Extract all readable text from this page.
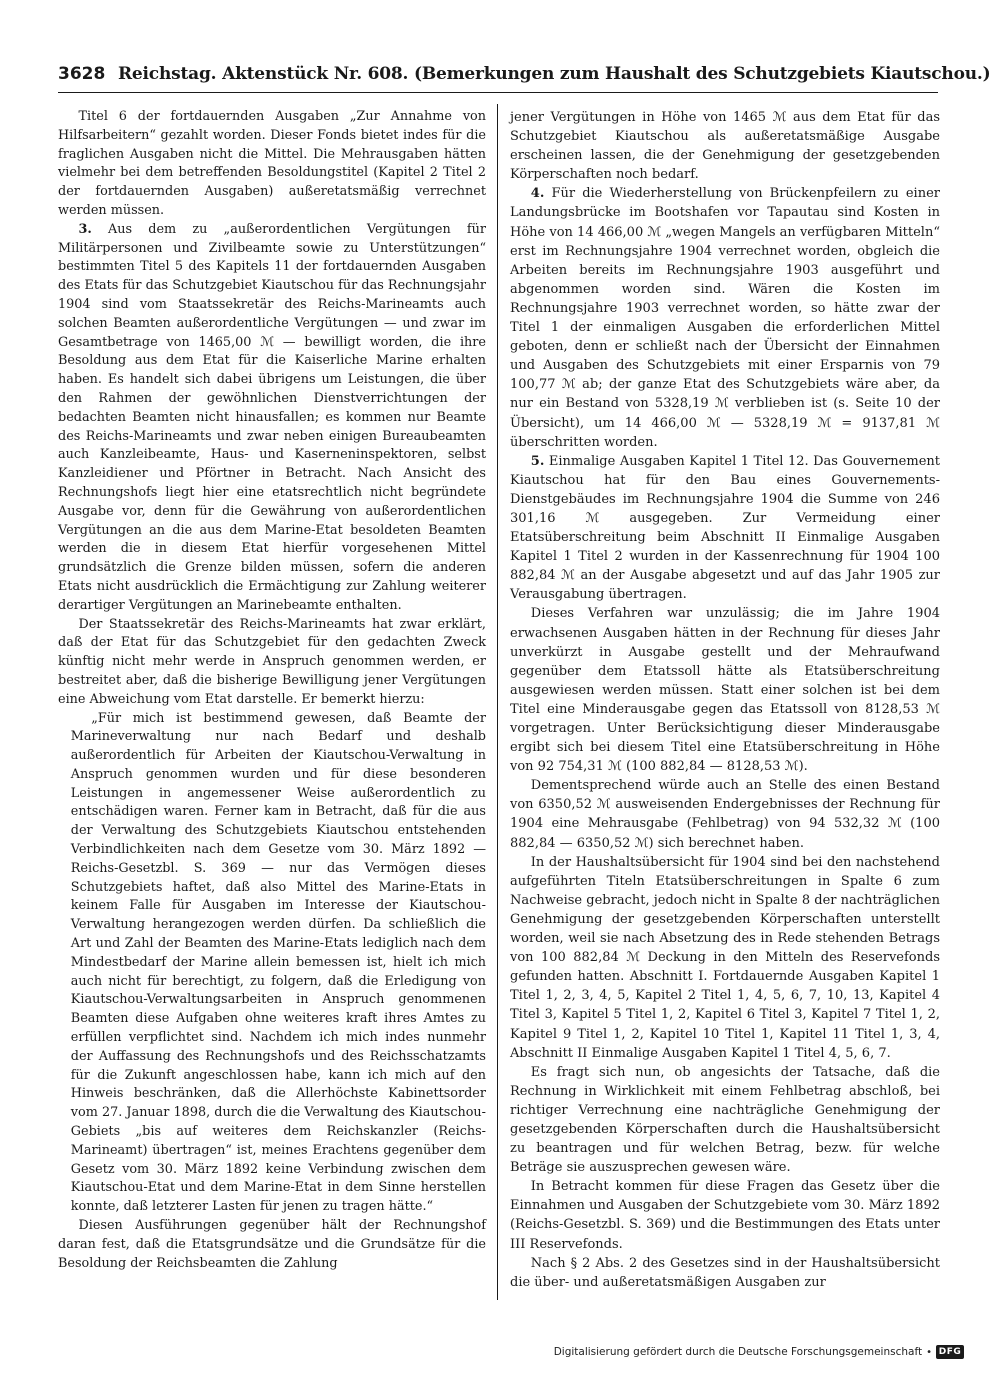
3628 Reichstag. Aktenstück Nr. 608. (Bemerkungen zum Haushalt des Schutzgebiets Kiautschou.)

Titel 6 der fortdauernden Ausgaben „Zur Annahme von Hilfsarbeitern“ gezahlt worden. Dieser Fonds bietet indes für die fraglichen Ausgaben nicht die Mittel. Die Mehrausgaben hätten vielmehr bei dem betreffenden Besoldungstitel (Kapitel 2 Titel 2 der fortdauernden Ausgaben) außeretatsmäßig verrechnet werden müssen.

3. Aus dem zu „außerordentlichen Vergütungen für Militärpersonen und Zivilbeamte sowie zu Unterstützungen“ bestimmten Titel 5 des Kapitels 11 der fortdauernden Ausgaben des Etats für das Schutzgebiet Kiautschou für das Rechnungsjahr 1904 sind vom Staatssekretär des Reichs-Marineamts auch solchen Beamten außerordentliche Vergütungen — und zwar im Gesamtbetrage von 1465,00 ℳ — bewilligt worden, die ihre Besoldung aus dem Etat für die Kaiserliche Marine erhalten haben. Es handelt sich dabei übrigens um Leistungen, die über den Rahmen der gewöhnlichen Dienstverrichtungen der bedachten Beamten nicht hinausfallen; es kommen nur Beamte des Reichs-Marineamts und zwar neben einigen Bureaubeamten auch Kanzleibeamte, Haus- und Kaserneninspektoren, selbst Kanzleidiener und Pförtner in Betracht. Nach Ansicht des Rechnungshofs liegt hier eine etatsrechtlich nicht begründete Ausgabe vor, denn für die Gewährung von außerordentlichen Vergütungen an die aus dem Marine-Etat besoldeten Beamten werden die in diesem Etat hierfür vorgesehenen Mittel grundsätzlich die Grenze bilden müssen, sofern die anderen Etats nicht ausdrücklich die Ermächtigung zur Zahlung weiterer derartiger Vergütungen an Marinebeamte enthalten.

Der Staatssekretär des Reichs-Marineamts hat zwar erklärt, daß der Etat für das Schutzgebiet für den gedachten Zweck künftig nicht mehr werde in Anspruch genommen werden, er bestreitet aber, daß die bisherige Bewilligung jener Vergütungen eine Abweichung vom Etat darstelle. Er bemerkt hierzu:

„Für mich ist bestimmend gewesen, daß Beamte der Marineverwaltung nur nach Bedarf und deshalb außerordentlich für Arbeiten der Kiautschou-Verwaltung in Anspruch genommen wurden und für diese besonderen Leistungen in angemessener Weise außerordentlich zu entschädigen waren. Ferner kam in Betracht, daß für die aus der Verwaltung des Schutzgebiets Kiautschou entstehenden Verbindlichkeiten nach dem Gesetze vom 30. März 1892 — Reichs-Gesetzbl. S. 369 — nur das Vermögen dieses Schutzgebiets haftet, daß also Mittel des Marine-Etats in keinem Falle für Ausgaben im Interesse der Kiautschou-Verwaltung herangezogen werden dürfen. Da schließlich die Art und Zahl der Beamten des Marine-Etats lediglich nach dem Mindestbedarf der Marine allein bemessen ist, hielt ich mich auch nicht für berechtigt, zu folgern, daß die Erledigung von Kiautschou-Verwaltungsarbeiten in Anspruch genommenen Beamten diese Aufgaben ohne weiteres kraft ihres Amtes zu erfüllen verpflichtet sind. Nachdem ich mich indes nunmehr der Auffassung des Rechnungshofs und des Reichsschatzamts für die Zukunft angeschlossen habe, kann ich mich auf den Hinweis beschränken, daß die Allerhöchste Kabinettsorder vom 27. Januar 1898, durch die die Verwaltung des Kiautschou-Gebiets „bis auf weiteres dem Reichskanzler (Reichs-Marineamt) übertragen“ ist, meines Erachtens gegenüber dem Gesetz vom 30. März 1892 keine Verbindung zwischen dem Kiautschou-Etat und dem Marine-Etat in dem Sinne herstellen konnte, daß letzterer Lasten für jenen zu tragen hätte.“

Diesen Ausführungen gegenüber hält der Rechnungshof daran fest, daß die Etatsgrundsätze und die Grundsätze für die Besoldung der Reichsbeamten die Zahlung

jener Vergütungen in Höhe von 1465 ℳ aus dem Etat für das Schutzgebiet Kiautschou als außeretatsmäßige Ausgabe erscheinen lassen, die der Genehmigung der gesetzgebenden Körperschaften noch bedarf.

4. Für die Wiederherstellung von Brückenpfeilern zu einer Landungsbrücke im Bootshafen vor Tapautau sind Kosten in Höhe von 14 466,00 ℳ „wegen Mangels an verfügbaren Mitteln“ erst im Rechnungsjahre 1904 verrechnet worden, obgleich die Arbeiten bereits im Rechnungsjahre 1903 ausgeführt und abgenommen worden sind. Wären die Kosten im Rechnungsjahre 1903 verrechnet worden, so hätte zwar der Titel 1 der einmaligen Ausgaben die erforderlichen Mittel geboten, denn er schließt nach der Übersicht der Einnahmen und Ausgaben des Schutzgebiets mit einer Ersparnis von 79 100,77 ℳ ab; der ganze Etat des Schutzgebiets wäre aber, da nur ein Bestand von 5328,19 ℳ verblieben ist (s. Seite 10 der Übersicht), um 14 466,00 ℳ — 5328,19 ℳ = 9137,81 ℳ überschritten worden.

5. Einmalige Ausgaben Kapitel 1 Titel 12. Das Gouvernement Kiautschou hat für den Bau eines Gouvernements-Dienstgebäudes im Rechnungsjahre 1904 die Summe von 246 301,16 ℳ ausgegeben. Zur Vermeidung einer Etatsüberschreitung beim Abschnitt II Einmalige Ausgaben Kapitel 1 Titel 2 wurden in der Kassenrechnung für 1904 100 882,84 ℳ an der Ausgabe abgesetzt und auf das Jahr 1905 zur Verausgabung übertragen.

Dieses Verfahren war unzulässig; die im Jahre 1904 erwachsenen Ausgaben hätten in der Rechnung für dieses Jahr unverkürzt in Ausgabe gestellt und der Mehraufwand gegenüber dem Etatssoll hätte als Etatsüberschreitung ausgewiesen werden müssen. Statt einer solchen ist bei dem Titel eine Minderausgabe gegen das Etatssoll von 8128,53 ℳ vorgetragen. Unter Berücksichtigung dieser Minderausgabe ergibt sich bei diesem Titel eine Etatsüberschreitung in Höhe von 92 754,31 ℳ (100 882,84 — 8128,53 ℳ).

Dementsprechend würde auch an Stelle des einen Bestand von 6350,52 ℳ ausweisenden Endergebnisses der Rechnung für 1904 eine Mehrausgabe (Fehlbetrag) von 94 532,32 ℳ (100 882,84 — 6350,52 ℳ) sich berechnet haben.

In der Haushaltsübersicht für 1904 sind bei den nachstehend aufgeführten Titeln Etatsüberschreitungen in Spalte 6 zum Nachweise gebracht, jedoch nicht in Spalte 8 der nachträglichen Genehmigung der gesetzgebenden Körperschaften unterstellt worden, weil sie nach Absetzung des in Rede stehenden Betrags von 100 882,84 ℳ Deckung in den Mitteln des Reservefonds gefunden hatten. Abschnitt I. Fortdauernde Ausgaben Kapitel 1 Titel 1, 2, 3, 4, 5, Kapitel 2 Titel 1, 4, 5, 6, 7, 10, 13, Kapitel 4 Titel 3, Kapitel 5 Titel 1, 2, Kapitel 6 Titel 3, Kapitel 7 Titel 1, 2, Kapitel 9 Titel 1, 2, Kapitel 10 Titel 1, Kapitel 11 Titel 1, 3, 4, Abschnitt II Einmalige Ausgaben Kapitel 1 Titel 4, 5, 6, 7.

Es fragt sich nun, ob angesichts der Tatsache, daß die Rechnung in Wirklichkeit mit einem Fehlbetrag abschloß, bei richtiger Verrechnung eine nachträgliche Genehmigung der gesetzgebenden Körperschaften durch die Haushaltsübersicht zu beantragen und für welchen Betrag, bezw. für welche Beträge sie auszusprechen gewesen wäre.

In Betracht kommen für diese Fragen das Gesetz über die Einnahmen und Ausgaben der Schutzgebiete vom 30. März 1892 (Reichs-Gesetzbl. S. 369) und die Bestimmungen des Etats unter III Reservefonds.

Nach § 2 Abs. 2 des Gesetzes sind in der Haushaltsübersicht die über- und außeretatsmäßigen Ausgaben zur

Digitalisierung gefördert durch die Deutsche Forschungsgemeinschaft • DFG
